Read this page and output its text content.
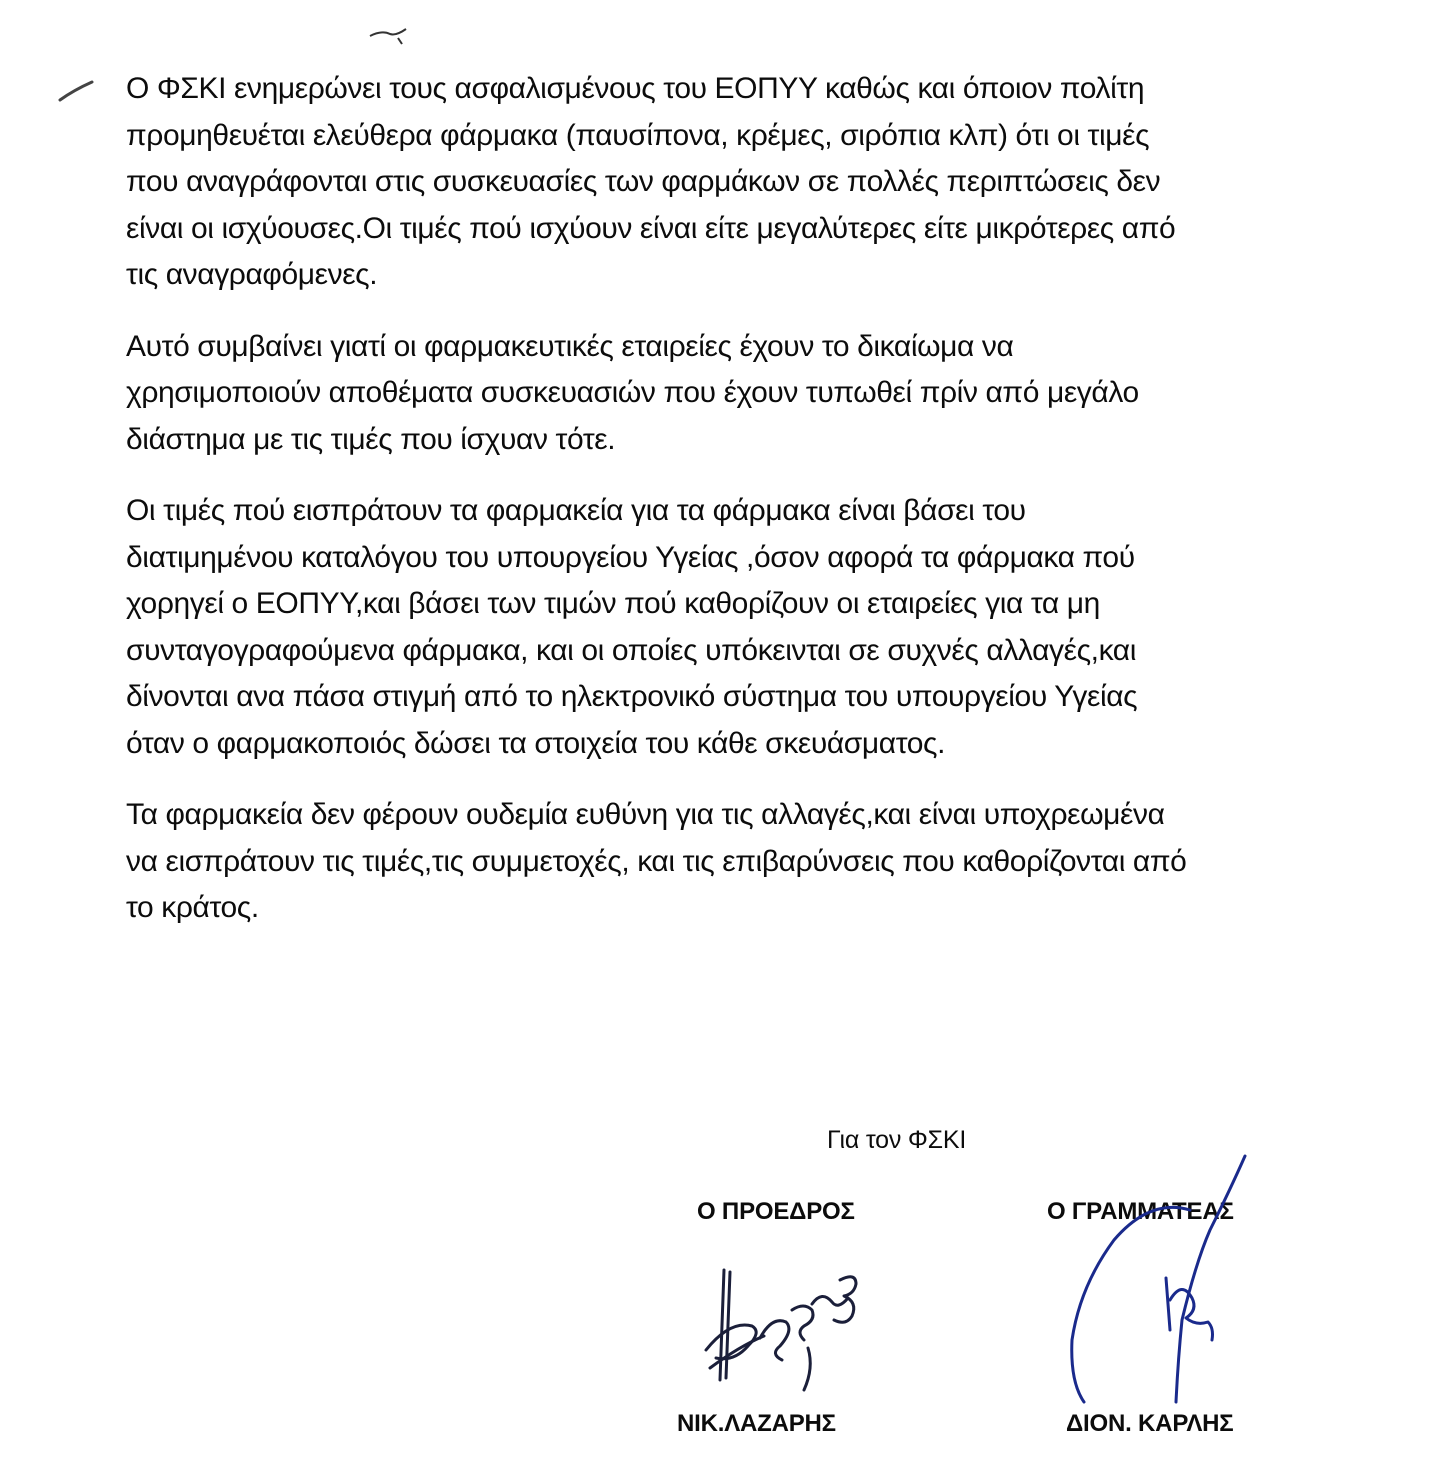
Ο ΦΣΚΙ ενημερώνει τους ασφαλισμένους του ΕΟΠΥΥ καθώς και όποιον πολίτη
προμηθευέται ελεύθερα φάρμακα (παυσίπονα, κρέμες, σιρόπια κλπ) ότι οι τιμές
που αναγράφονται στις συσκευασίες των φαρμάκων σε πολλές περιπτώσεις δεν
είναι οι ισχύουσες.Οι τιμές πού ισχύουν είναι είτε μεγαλύτερες είτε μικρότερες από
τις αναγραφόμενες.

Αυτό συμβαίνει γιατί οι φαρμακευτικές εταιρείες έχουν το δικαίωμα να
χρησιμοποιούν αποθέματα συσκευασιών που έχουν τυπωθεί πρίν από μεγάλο
διάστημα με τις τιμές που ίσχυαν τότε.

Οι τιμές πού εισπράτουν τα φαρμακεία για τα φάρμακα είναι βάσει του
διατιμημένου καταλόγου του υπουργείου Υγείας ,όσον αφορά τα φάρμακα πού
χορηγεί ο ΕΟΠΥΥ,και βάσει των τιμών πού καθορίζουν οι εταιρείες για τα μη
συνταγογραφούμενα φάρμακα, και οι οποίες υπόκεινται σε συχνές αλλαγές,και
δίνονται ανα πάσα στιγμή από το ηλεκτρονικό σύστημα του υπουργείου Υγείας
όταν ο φαρμακοποιός δώσει τα στοιχεία του κάθε σκευάσματος.

Τα φαρμακεία δεν φέρουν ουδεμία ευθύνη για τις αλλαγές,και είναι υποχρεωμένα
να εισπράτουν τις τιμές,τις συμμετοχές, και τις επιβαρύνσεις που καθορίζονται από
το κράτος.

Για τον ΦΣΚΙ
Ο ΠΡΟΕΔΡΟΣ	Ο ΓΡΑΜΜΑΤΕΑΣ
ΝΙΚ.ΛΑΖΑΡΗΣ	ΔΙΟΝ. ΚΑΡΛΗΣ
